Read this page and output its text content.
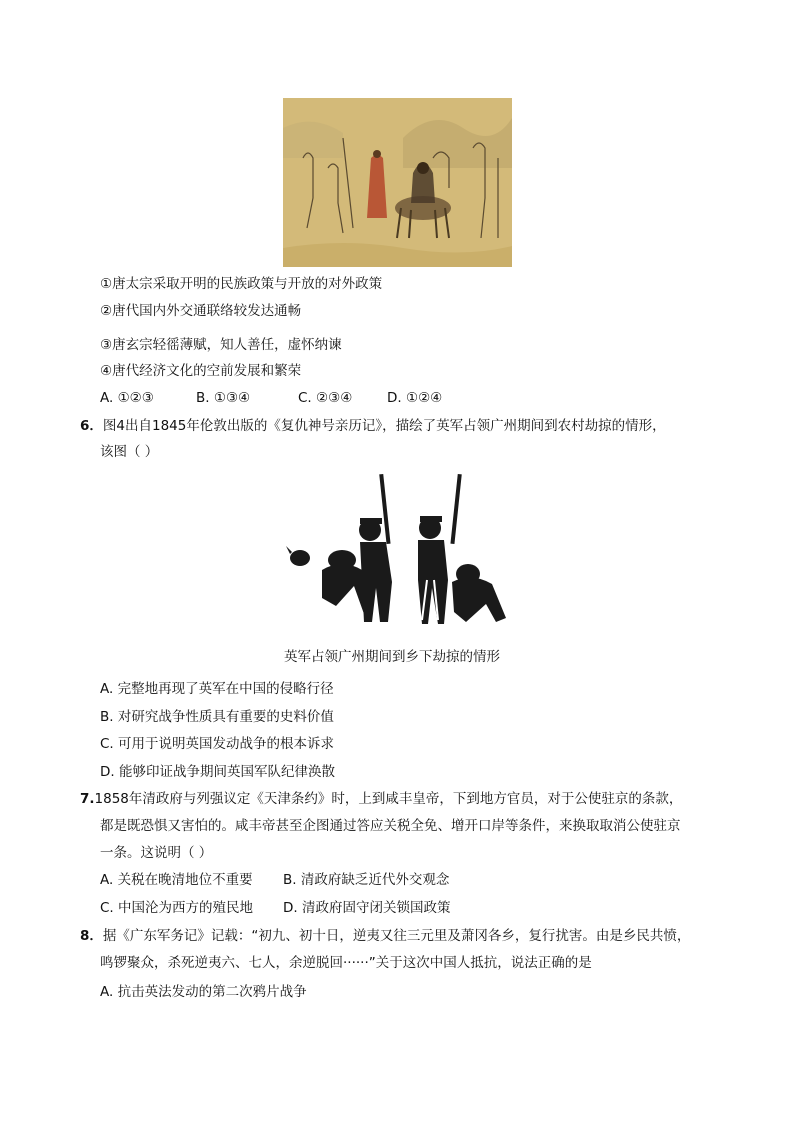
①唐太宗采取开明的民族政策与开放的对外政策
②唐代国内外交通联络较发达通畅
③唐玄宗轻徭薄赋，知人善任，虚怀纳谏
④唐代经济文化的空前发展和繁荣
A. ①②③	B. ①③④	C. ②③④	D. ①②④
6．图4出自1845年伦敦出版的《复仇神号亲历记》，描绘了英军占领广州期间到农村劫掠的情形，
该图（ ）
英军占领广州期间到乡下劫掠的情形
A. 完整地再现了英军在中国的侵略行径
B. 对研究战争性质具有重要的史料价值
C. 可用于说明英国发动战争的根本诉求
D. 能够印证战争期间英国军队纪律涣散
7.1858年清政府与列强议定《天津条约》时，上到咸丰皇帝，下到地方官员，对于公使驻京的条款，
都是既恐惧又害怕的。咸丰帝甚至企图通过答应关税全免、增开口岸等条件，来换取取消公使驻京
一条。这说明（ ）
A. 关税在晚清地位不重要 B. 清政府缺乏近代外交观念
C. 中国沦为西方的殖民地 D. 清政府固守闭关锁国政策
8．据《广东军务记》记载：“初九、初十日，逆夷又往三元里及萧冈各乡，复行扰害。由是乡民共愤，
鸣锣聚众，杀死逆夷六、七人，余逆脱回······”关于这次中国人抵抗，说法正确的是
A. 抗击英法发动的第二次鸦片战争
